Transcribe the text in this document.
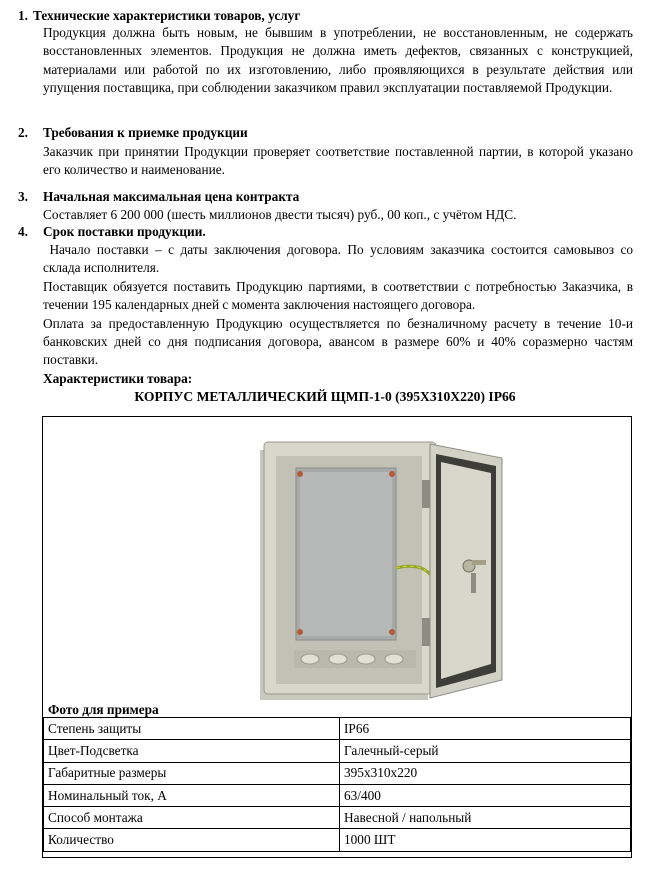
1. Технические характеристики товаров, услуг

Продукция должна быть новым, не бывшим в употреблении, не восстановленным, не содержать восстановленных элементов. Продукция не должна иметь дефектов, связанных с конструкцией, материалами или работой по их изготовлению, либо проявляющихся в результате действия или упущения поставщика, при соблюдении заказчиком правил эксплуатации поставляемой Продукции.

2. Требования к приемке продукции

Заказчик при принятии Продукции проверяет соответствие поставленной партии, в которой указано его количество и наименование.

3. Начальная максимальная цена контракта

Составляет 6 200 000 (шесть миллионов двести тысяч) руб., 00 коп., с учётом НДС.

4. Срок поставки продукции.

Начало поставки – с даты заключения договора. По условиям заказчика состоится самовывоз со склада исполнителя.

Поставщик обязуется поставить Продукцию партиями, в соответствии с потребностью Заказчика, в течении 195 календарных дней с момента заключения настоящего договора.

Оплата за предоставленную Продукцию осуществляется по безналичному расчету в течение 10-и банковских дней со дня подписания договора, авансом в размере 60% и 40% соразмерно частям поставки.

Характеристики товара:

КОРПУС МЕТАЛЛИЧЕСКИЙ ЩМП-1-0 (395Х310Х220) IP66
Фото для примера
Степень защиты	IP66
Цвет-Подсветка	Галечный-серый
Габаритные размеры	395х310х220
Номинальный ток, А	63/400
Способ монтажа	Навесной / напольный
Количество	1000 ШТ
